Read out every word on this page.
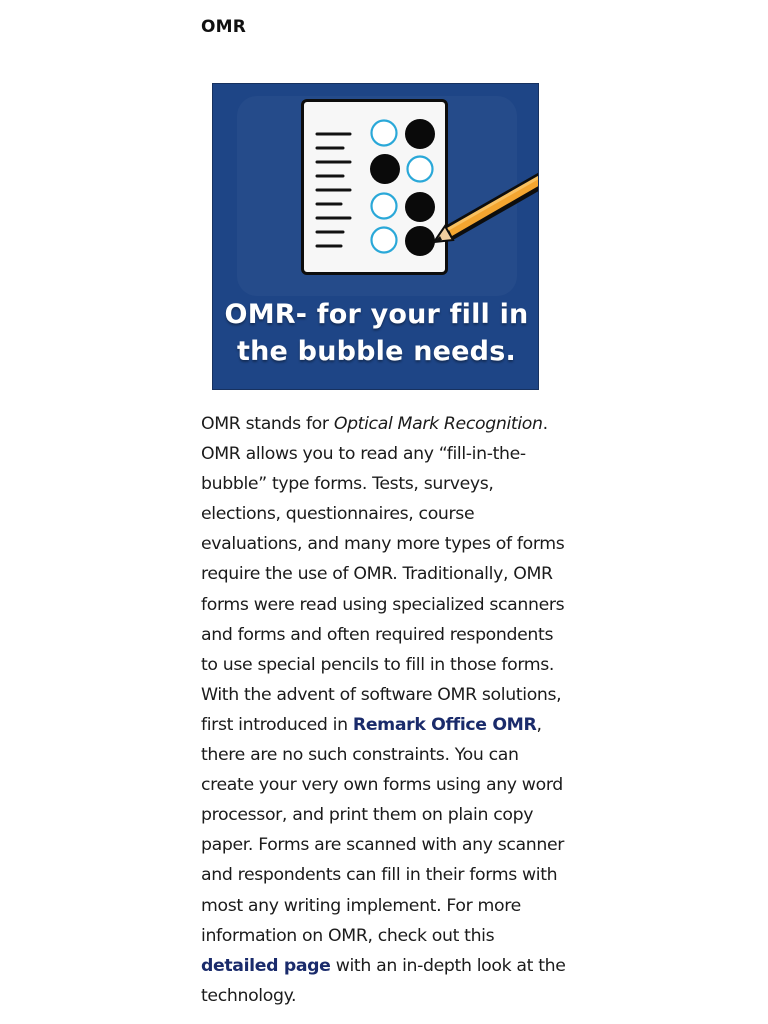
OMR
OMR- for your fill in
the bubble needs.

OMR stands for Optical Mark Recognition. OMR allows you to read any “fill-in-the-bubble” type forms. Tests, surveys, elections, questionnaires, course evaluations, and many more types of forms require the use of OMR. Traditionally, OMR forms were read using specialized scanners and forms and often required respondents to use special pencils to fill in those forms. With the advent of software OMR solutions, first introduced in Remark Office OMR, there are no such constraints. You can create your very own forms using any word processor, and print them on plain copy paper. Forms are scanned with any scanner and respondents can fill in their forms with most any writing implement. For more information on OMR, check out this detailed page with an in-depth look at the technology.
